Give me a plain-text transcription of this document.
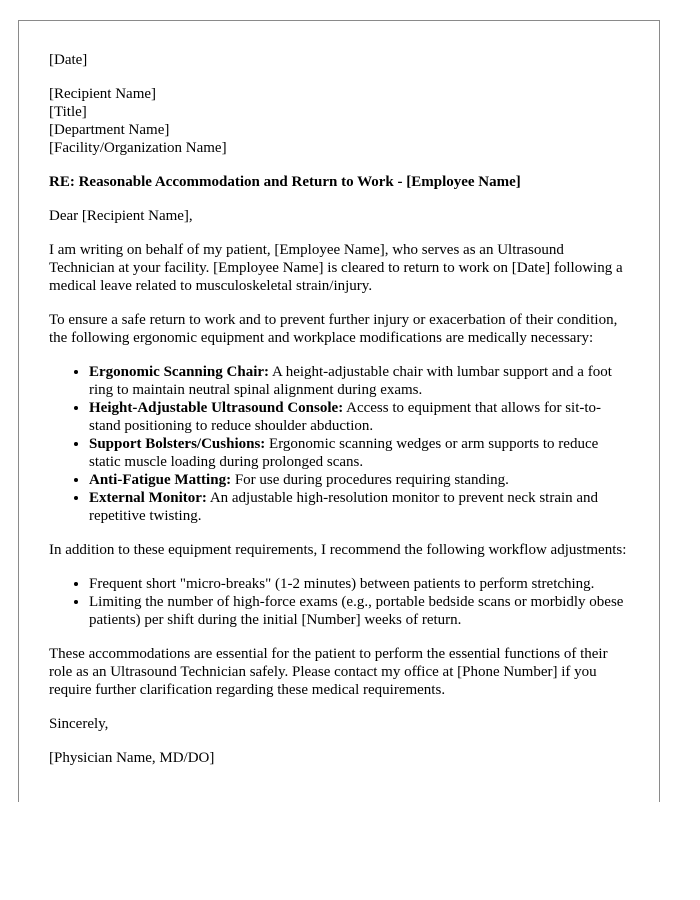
[Date]

[Recipient Name]

[Title]

[Department Name]

[Facility/Organization Name]

RE: Reasonable Accommodation and Return to Work - [Employee Name]

Dear [Recipient Name],

I am writing on behalf of my patient, [Employee Name], who serves as an Ultrasound Technician at your facility. [Employee Name] is cleared to return to work on [Date] following a medical leave related to musculoskeletal strain/injury.

To ensure a safe return to work and to prevent further injury or exacerbation of their condition, the following ergonomic equipment and workplace modifications are medically necessary:

• Ergonomic Scanning Chair: A height-adjustable chair with lumbar support and a foot ring to maintain neutral spinal alignment during exams.
• Height-Adjustable Ultrasound Console: Access to equipment that allows for sit-to-stand positioning to reduce shoulder abduction.
• Support Bolsters/Cushions: Ergonomic scanning wedges or arm supports to reduce static muscle loading during prolonged scans.
• Anti-Fatigue Matting: For use during procedures requiring standing.
• External Monitor: An adjustable high-resolution monitor to prevent neck strain and repetitive twisting.

In addition to these equipment requirements, I recommend the following workflow adjustments:

• Frequent short "micro-breaks" (1-2 minutes) between patients to perform stretching.
• Limiting the number of high-force exams (e.g., portable bedside scans or morbidly obese patients) per shift during the initial [Number] weeks of return.

These accommodations are essential for the patient to perform the essential functions of their role as an Ultrasound Technician safely. Please contact my office at [Phone Number] if you require further clarification regarding these medical requirements.

Sincerely,

[Physician Name, MD/DO]
